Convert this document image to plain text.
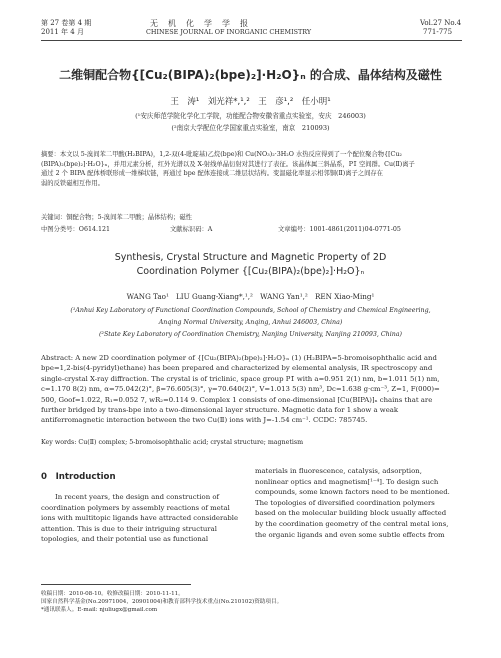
第 27 卷第 4 期
2011 年 4 月
无　机　化　学　学　报
CHINESE JOURNAL OF INORGANIC CHEMISTRY
Vol.27 No.4
771-775
二维铜配合物{[Cu₂(BIPA)₂(bpe)₂]·H₂O}ₙ 的合成、晶体结构及磁性
王　涛¹　刘光祥*,¹,²　王　彦¹,²　任小明¹
(¹安庆师范学院化学化工学院，功能配合物安徽省重点实验室，安庆　246003)
(²南京大学配位化学国家重点实验室，南京　210093)
摘要：本文以 5-溴间苯二甲酸(H₂BIPA)，1,2-双(4-吡啶基)乙烷(bpe)和 Cu(NO₃)₂·3H₂O 水热反应得到了一个配位聚合物{[Cu₂
(BIPA)₂(bpe)₂]·H₂O}ₙ，并用元素分析，红外光谱以及 X-射线单晶衍射对其进行了表征。该晶体属三斜晶系，P1̄ 空间群。Cu(Ⅱ)离子
通过 2 个 BIPA 配体桥联形成一维梯状链，再通过 bpe 配体连接成二维层状结构。变温磁化率显示相邻铜(Ⅱ)离子之间存在
弱的反铁磁相互作用。
关键词：铜配合物；5-溴间苯二甲酸；晶体结构；磁性
中图分类号：O614.121	文献标识码：A	文章编号：1001-4861(2011)04-0771-05
Synthesis, Crystal Structure and Magnetic Property of 2D
Coordination Polymer {[Cu₂(BIPA)₂(bpe)₂]·H₂O}ₙ
WANG Tao¹　LIU Guang-Xiang*,¹,²　WANG Yan¹,²　REN Xiao-Ming¹
(¹Anhui Key Laboratory of Functional Coordination Compounds, School of Chemistry and Chemical Engineering,
Anqing Normal University, Anqing, Anhui 246003, China)
(²State Key Laboratory of Coordination Chemistry, Nanjing University, Nanjing 210093, China)
Abstract: A new 2D coordination polymer of {[Cu₂(BIPA)₂(bpe)₂]·H₂O}ₙ (1) (H₂BIPA=5-bromoisophthalic acid and
bpe=1,2-bis(4-pyridyl)ethane) has been prepared and characterized by elemental analysis, IR spectroscopy and
single-crystal X-ray diffraction. The crystal is of triclinic, space group P1̄ with a=0.951 2(1) nm, b=1.011 5(1) nm,
c=1.170 8(2) nm, α=75.042(2)°, β=76.605(3)°, γ=70.640(2)°, V=1.013 5(3) nm³, Dc=1.638 g·cm⁻³, Z=1, F(000)=
500, Goof=1.022, R₁=0.052 7, wR₂=0.114 9. Complex 1 consists of one-dimensional [Cu(BIPA)]ₙ chains that are
further bridged by trans-bpe into a two-dimensional layer structure. Magnetic data for 1 show a weak
antiferromagnetic interaction between the two Cu(Ⅱ) ions with J=-1.54 cm⁻¹. CCDC: 785745.
Key words: Cu(Ⅱ) complex; 5-bromoisophthalic acid; crystal structure; magnetism
0　Introduction
In recent years, the design and construction of
coordination polymers by assembly reactions of metal
ions with multitopic ligands have attracted considerable
attention. This is due to their intriguing structural
topologies, and their potential use as functional
materials in fluorescence, catalysis, adsorption,
nonlinear optics and magnetism[¹⁻⁴]. To design such
compounds, some known factors need to be mentioned.
The topologies of diversified coordination polymers
based on the molecular building block usually affected
by the coordination geometry of the central metal ions,
the organic ligands and even some subtle effects from
收稿日期：2010-08-10。收修改稿日期：2010-11-11。
国家自然科学基金(No.20971004，20901004)和教育部科学技术重点(No.210102)资助项目。
*通讯联系人。E-mail: njuliugx@gmail.com
